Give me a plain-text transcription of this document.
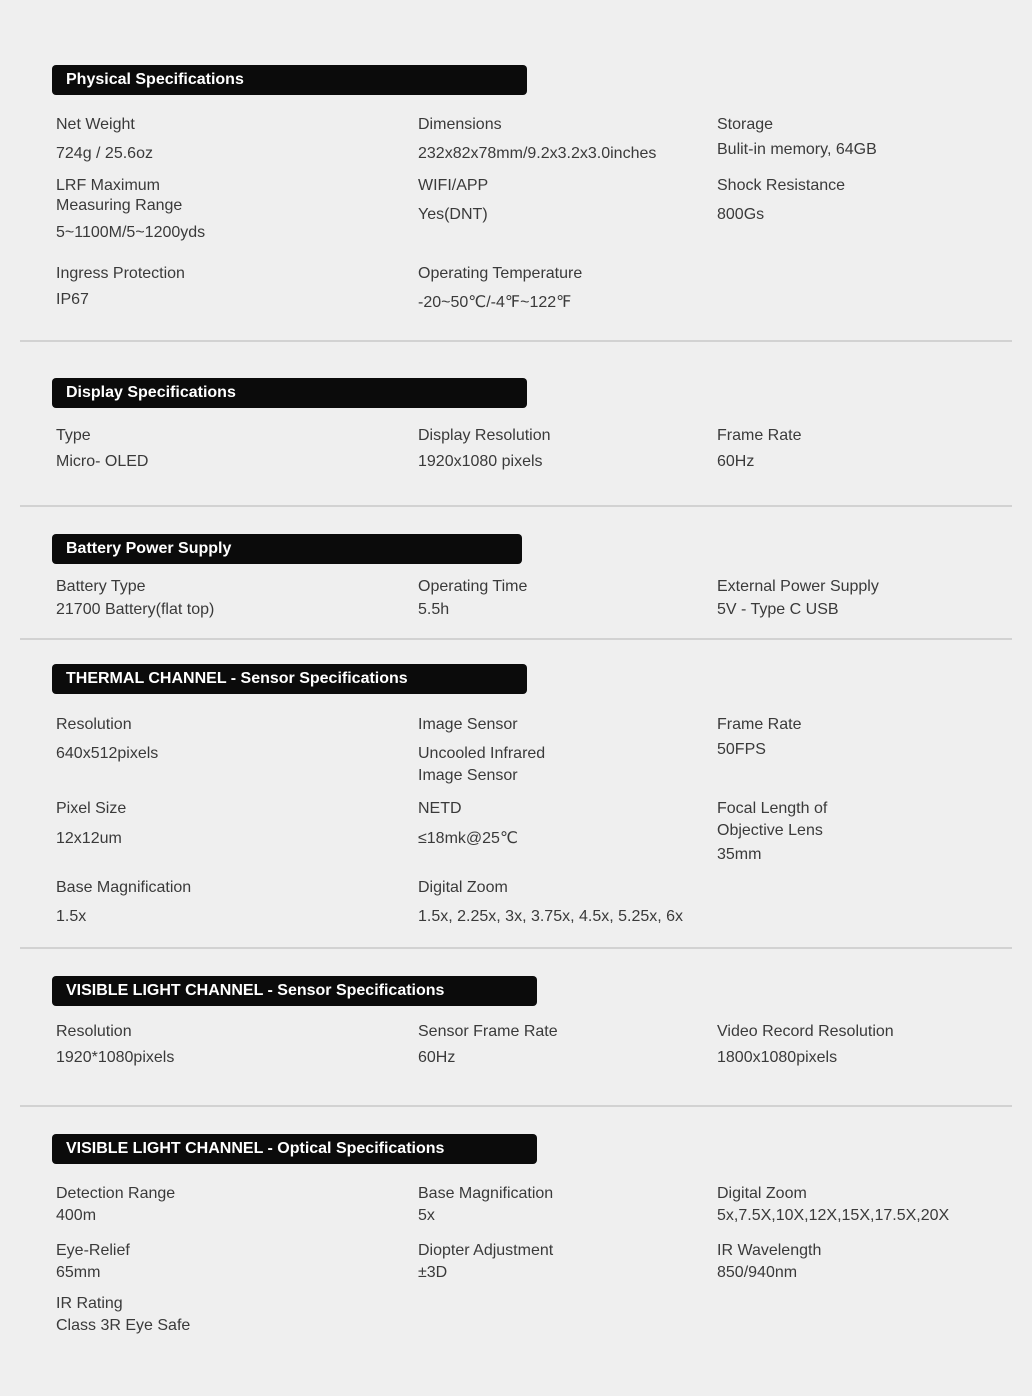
Physical Specifications
Net Weight
724g / 25.6oz
Dimensions
232x82x78mm/9.2x3.2x3.0inches
Storage
Bulit-in memory, 64GB
LRF Maximum
Measuring Range
5~1100M/5~1200yds
WIFI/APP
Yes(DNT)
Shock Resistance
800Gs
Ingress Protection
IP67
Operating Temperature
-20~50℃/-4℉~122℉
Display Specifications
Type
Micro- OLED
Display Resolution
1920x1080 pixels
Frame Rate
60Hz
Battery Power Supply
Battery Type
21700 Battery(flat top)
Operating Time
5.5h
External Power Supply
5V - Type C USB
THERMAL CHANNEL - Sensor Specifications
Resolution
640x512pixels
Image Sensor
Uncooled Infrared
Image Sensor
Frame Rate
50FPS
Pixel Size
12x12um
NETD
≤18mk@25℃
Focal Length of
Objective Lens
35mm
Base Magnification
1.5x
Digital Zoom
1.5x, 2.25x, 3x, 3.75x, 4.5x, 5.25x, 6x
VISIBLE LIGHT CHANNEL - Sensor Specifications
Resolution
1920*1080pixels
Sensor Frame Rate
60Hz
Video Record Resolution
1800x1080pixels
VISIBLE LIGHT CHANNEL - Optical Specifications
Detection Range
400m
Base Magnification
5x
Digital Zoom
5x,7.5X,10X,12X,15X,17.5X,20X
Eye-Relief
65mm
Diopter Adjustment
±3D
IR Wavelength
850/940nm
IR Rating
Class 3R Eye Safe
